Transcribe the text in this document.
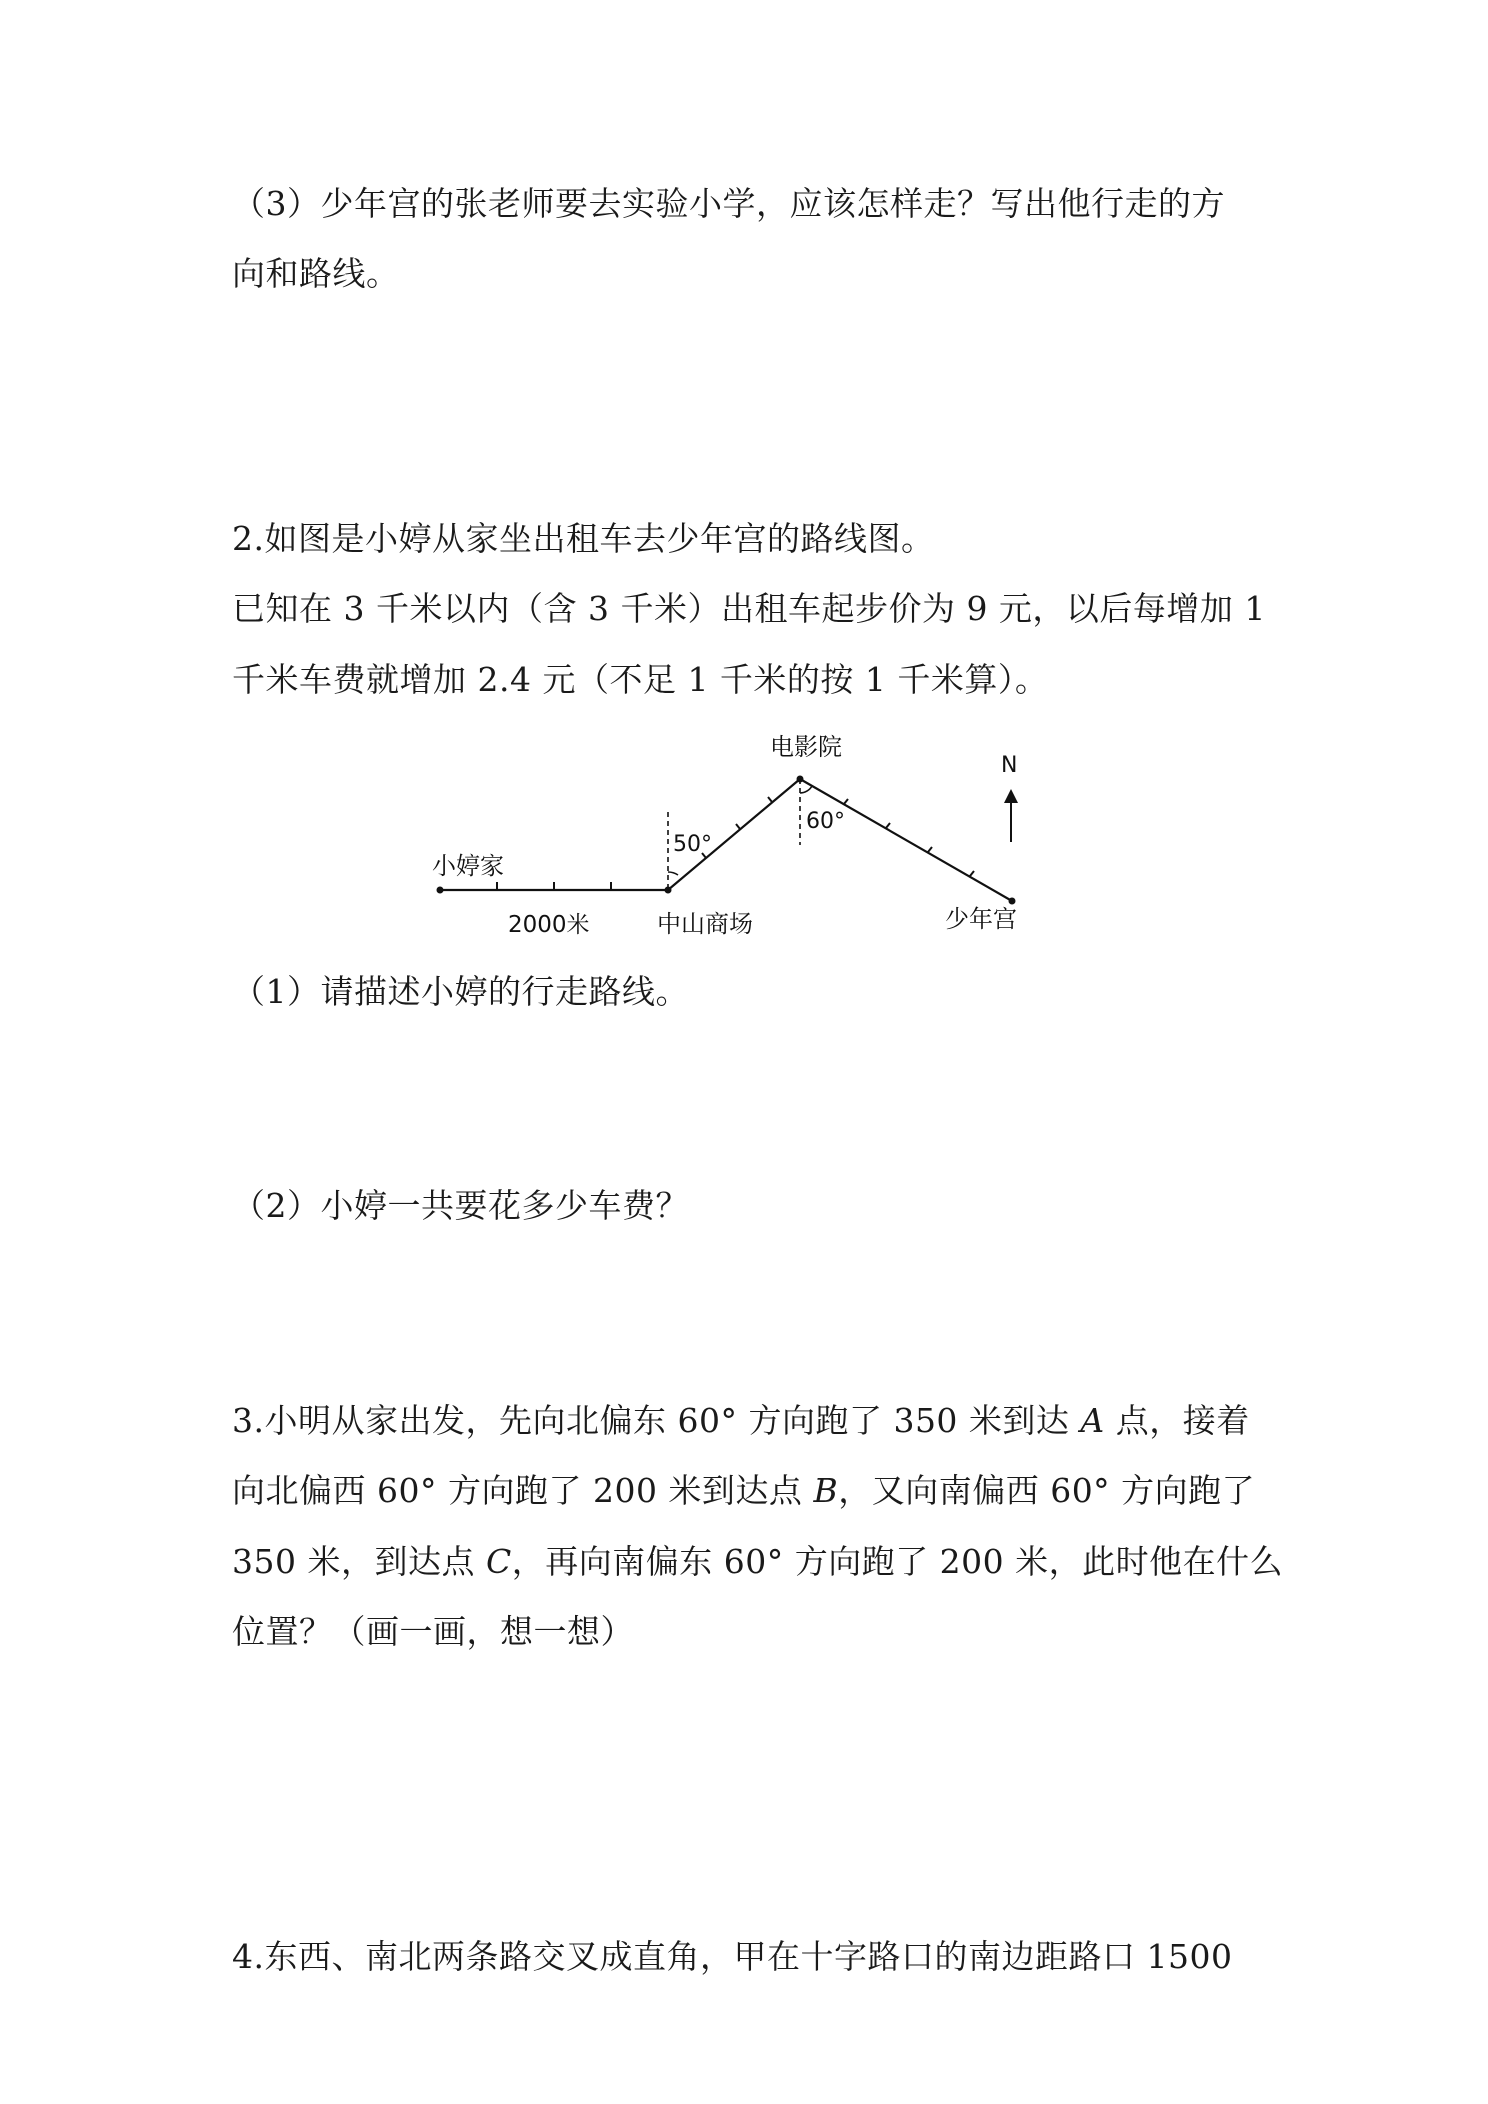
（3）少年宫的张老师要去实验小学，应该怎样走？写出他行走的方

向和路线。

2.如图是小婷从家坐出租车去少年宫的路线图。

已知在 3 千米以内（含 3 千米）出租车起步价为 9 元，以后每增加 1

千米车费就增加 2.4 元（不足 1 千米的按 1 千米算）。

小婷家
中山商场
电影院
少年宫
2000米
N
50°
60°

（1）请描述小婷的行走路线。

（2）小婷一共要花多少车费？

3.小明从家出发，先向北偏东 60° 方向跑了 350 米到达 A 点，接着

向北偏西 60° 方向跑了 200 米到达点 B，又向南偏西 60° 方向跑了

350 米，到达点 C，再向南偏东 60° 方向跑了 200 米，此时他在什么

位置？（画一画，想一想）

4.东西、南北两条路交叉成直角，甲在十字路口的南边距路口 1500
